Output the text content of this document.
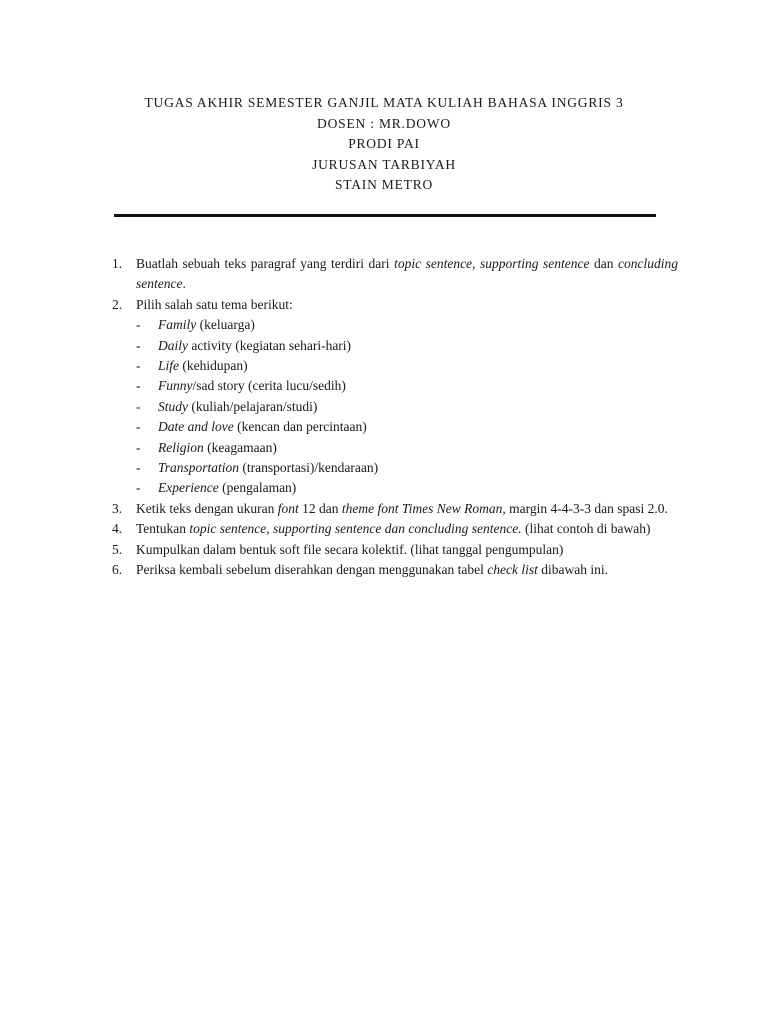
TUGAS AKHIR SEMESTER GANJIL MATA KULIAH BAHASA INGGRIS 3
DOSEN : MR.DOWO
PRODI PAI
JURUSAN TARBIYAH
STAIN METRO
1. Buatlah sebuah teks paragraf yang terdiri dari topic sentence, supporting sentence dan concluding sentence.
2. Pilih salah satu tema berikut:
- Family (keluarga)
- Daily activity (kegiatan sehari-hari)
- Life (kehidupan)
- Funny/sad story (cerita lucu/sedih)
- Study (kuliah/pelajaran/studi)
- Date and love (kencan dan percintaan)
- Religion (keagamaan)
- Transportation (transportasi)/kendaraan)
- Experience (pengalaman)
3. Ketik teks dengan ukuran font 12 dan theme font Times New Roman, margin 4-4-3-3 dan spasi 2.0.
4. Tentukan topic sentence, supporting sentence dan concluding sentence. (lihat contoh di bawah)
5. Kumpulkan dalam bentuk soft file secara kolektif. (lihat tanggal pengumpulan)
6. Periksa kembali sebelum diserahkan dengan menggunakan tabel check list dibawah ini.
